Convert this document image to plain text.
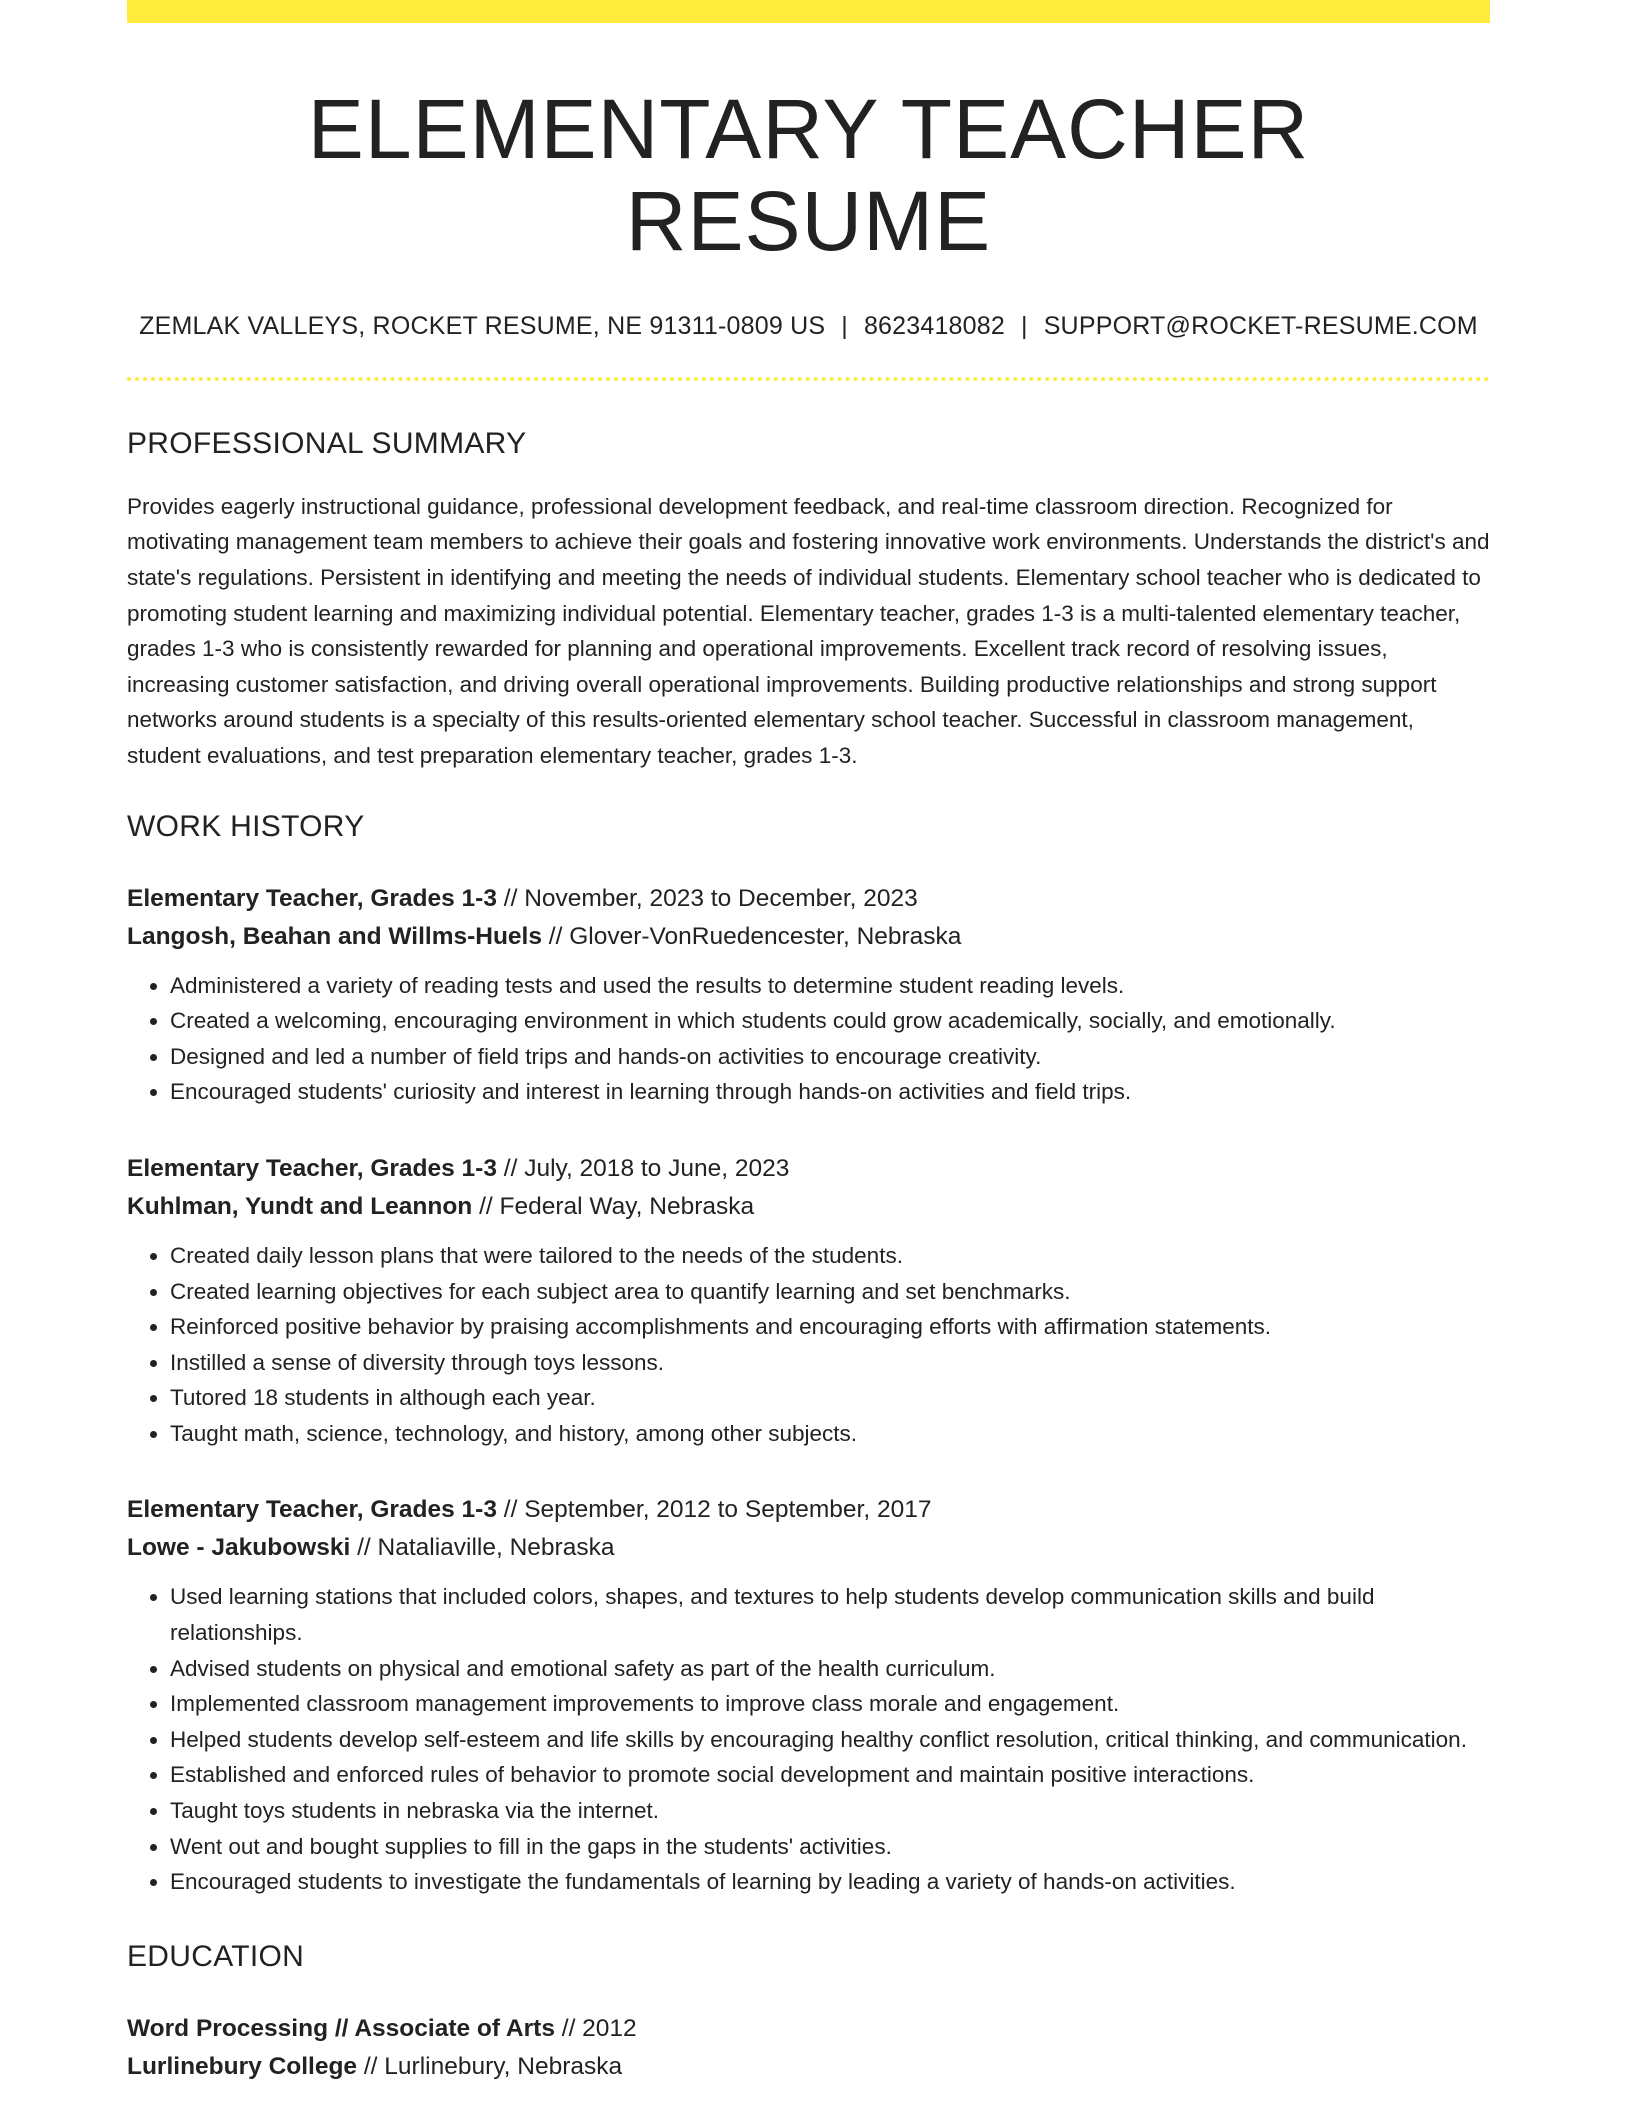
ELEMENTARY TEACHER RESUME
ZEMLAK VALLEYS, ROCKET RESUME, NE 91311-0809 US | 8623418082 | SUPPORT@ROCKET-RESUME.COM
PROFESSIONAL SUMMARY
Provides eagerly instructional guidance, professional development feedback, and real-time classroom direction. Recognized for motivating management team members to achieve their goals and fostering innovative work environments. Understands the district's and state's regulations. Persistent in identifying and meeting the needs of individual students. Elementary school teacher who is dedicated to promoting student learning and maximizing individual potential. Elementary teacher, grades 1-3 is a multi-talented elementary teacher, grades 1-3 who is consistently rewarded for planning and operational improvements. Excellent track record of resolving issues, increasing customer satisfaction, and driving overall operational improvements. Building productive relationships and strong support networks around students is a specialty of this results-oriented elementary school teacher. Successful in classroom management, student evaluations, and test preparation elementary teacher, grades 1-3.
WORK HISTORY
Elementary Teacher, Grades 1-3 // November, 2023 to December, 2023
Langosh, Beahan and Willms-Huels // Glover-VonRuedencester, Nebraska
• Administered a variety of reading tests and used the results to determine student reading levels.
• Created a welcoming, encouraging environment in which students could grow academically, socially, and emotionally.
• Designed and led a number of field trips and hands-on activities to encourage creativity.
• Encouraged students' curiosity and interest in learning through hands-on activities and field trips.
Elementary Teacher, Grades 1-3 // July, 2018 to June, 2023
Kuhlman, Yundt and Leannon // Federal Way, Nebraska
• Created daily lesson plans that were tailored to the needs of the students.
• Created learning objectives for each subject area to quantify learning and set benchmarks.
• Reinforced positive behavior by praising accomplishments and encouraging efforts with affirmation statements.
• Instilled a sense of diversity through toys lessons.
• Tutored 18 students in although each year.
• Taught math, science, technology, and history, among other subjects.
Elementary Teacher, Grades 1-3 // September, 2012 to September, 2017
Lowe - Jakubowski // Nataliaville, Nebraska
• Used learning stations that included colors, shapes, and textures to help students develop communication skills and build relationships.
• Advised students on physical and emotional safety as part of the health curriculum.
• Implemented classroom management improvements to improve class morale and engagement.
• Helped students develop self-esteem and life skills by encouraging healthy conflict resolution, critical thinking, and communication.
• Established and enforced rules of behavior to promote social development and maintain positive interactions.
• Taught toys students in nebraska via the internet.
• Went out and bought supplies to fill in the gaps in the students' activities.
• Encouraged students to investigate the fundamentals of learning by leading a variety of hands-on activities.
EDUCATION
Word Processing // Associate of Arts // 2012
Lurlinebury College // Lurlinebury, Nebraska
